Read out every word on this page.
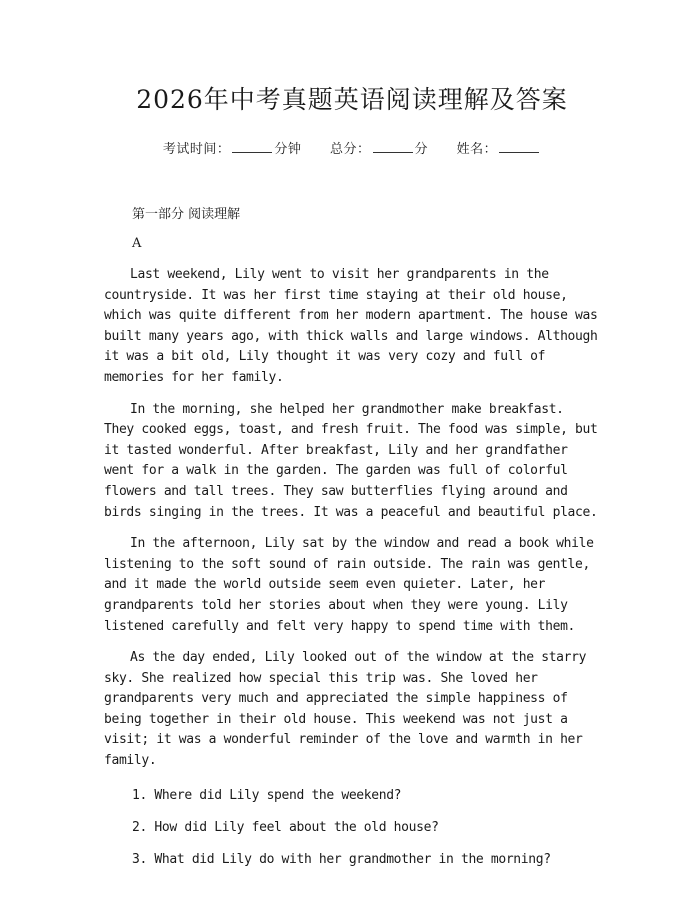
2026年中考真题英语阅读理解及答案
考试时间：	分钟 总分：	分 姓名：
第一部分 阅读理解
A

Last weekend, Lily went to visit her grandparents in the countryside. It was her first time staying at their old house, which was quite different from her modern apartment. The house was built many years ago, with thick walls and large windows. Although it was a bit old, Lily thought it was very cozy and full of memories for her family.

In the morning, she helped her grandmother make breakfast. They cooked eggs, toast, and fresh fruit. The food was simple, but it tasted wonderful. After breakfast, Lily and her grandfather went for a walk in the garden. The garden was full of colorful flowers and tall trees. They saw butterflies flying around and birds singing in the trees. It was a peaceful and beautiful place.

In the afternoon, Lily sat by the window and read a book while listening to the soft sound of rain outside. The rain was gentle, and it made the world outside seem even quieter. Later, her grandparents told her stories about when they were young. Lily listened carefully and felt very happy to spend time with them.

As the day ended, Lily looked out of the window at the starry sky. She realized how special this trip was. She loved her grandparents very much and appreciated the simple happiness of being together in their old house. This weekend was not just a visit; it was a wonderful reminder of the love and warmth in her family.

1. Where did Lily spend the weekend?
2. How did Lily feel about the old house?
3. What did Lily do with her grandmother in the morning?
